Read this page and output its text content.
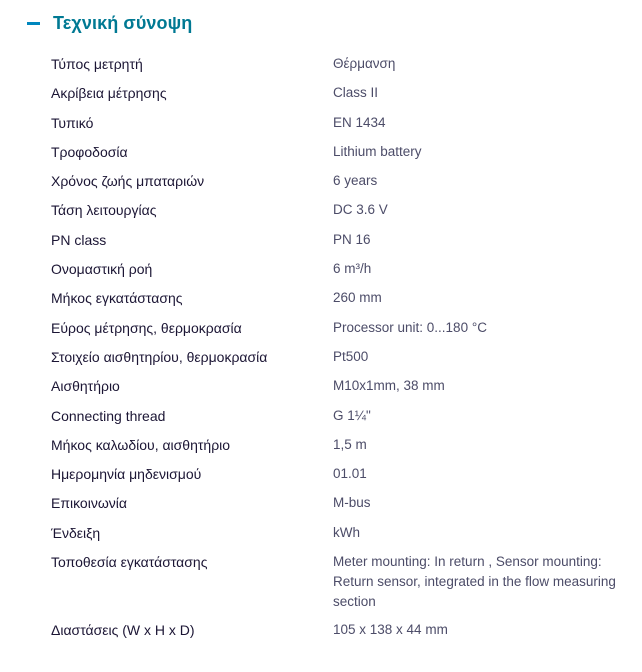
Τεχνική σύνοψη
Τύπος μετρητή	Θέρμανση
Ακρίβεια μέτρησης	Class II
Τυπικό	EN 1434
Τροφοδοσία	Lithium battery
Χρόνος ζωής μπαταριών	6 years
Τάση λειτουργίας	DC 3.6 V
PN class	PN 16
Ονομαστική ροή	6 m³/h
Μήκος εγκατάστασης	260 mm
Εύρος μέτρησης, θερμοκρασία	Processor unit: 0...180 °C
Στοιχείο αισθητηρίου, θερμοκρασία	Pt500
Αισθητήριο	M10x1mm, 38 mm
Connecting thread	G 1¼"
Μήκος καλωδίου, αισθητήριο	1,5 m
Ημερομηνία μηδενισμού	01.01
Επικοινωνία	M-bus
Ένδειξη	kWh
Τοποθεσία εγκατάστασης	Meter mounting: In return , Sensor mounting: Return sensor, integrated in the flow measuring section
Διαστάσεις (W x H x D)	105 x 138 x 44 mm
